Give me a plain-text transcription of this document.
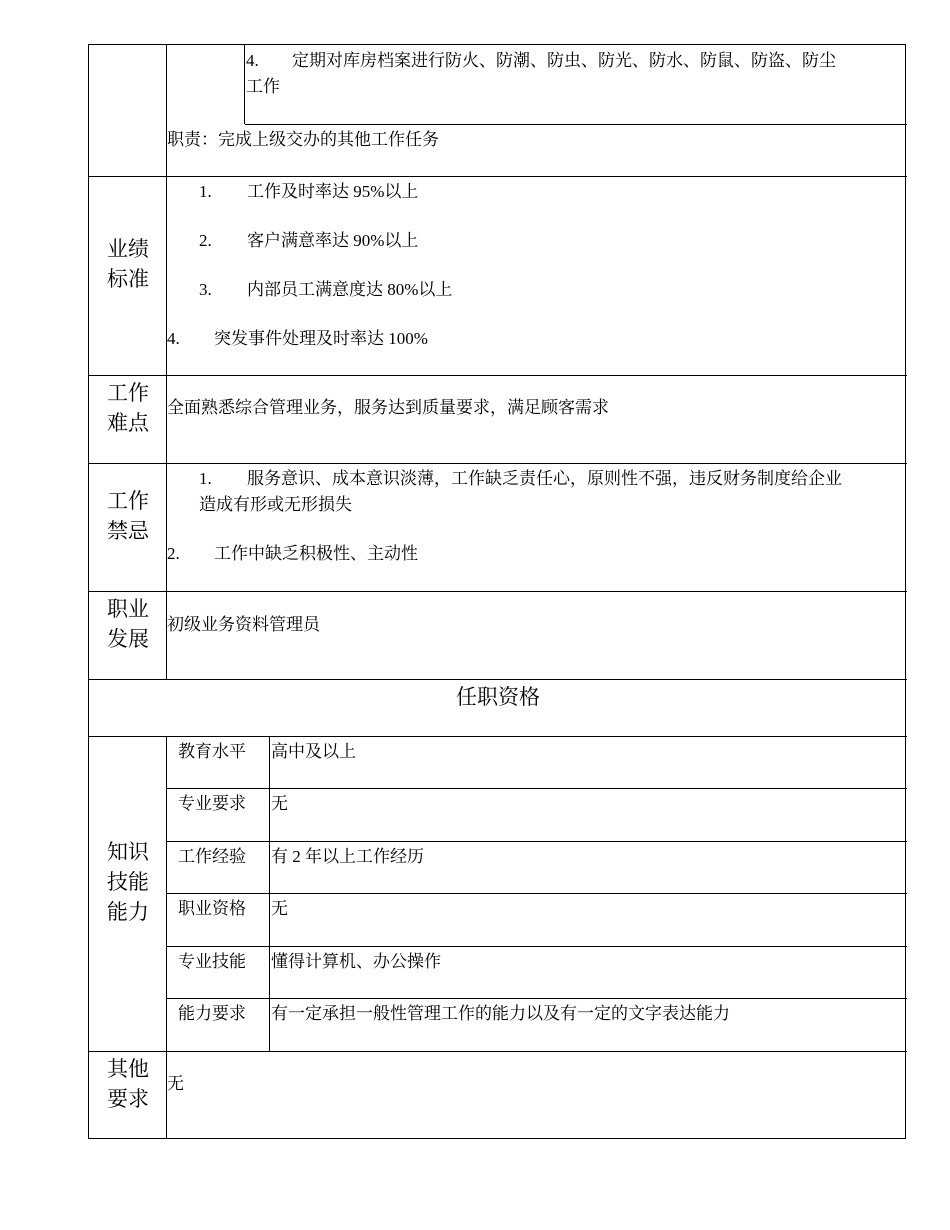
4. 定期对库房档案进行防火、防潮、防虫、防光、防水、防鼠、防盗、防尘
工作
职责：完成上级交办的其他工作任务
业绩
标准
1. 工作及时率达 95%以上
2. 客户满意率达 90%以上
3. 内部员工满意度达 80%以上
4. 突发事件处理及时率达 100%
工作
难点
全面熟悉综合管理业务，服务达到质量要求，满足顾客需求
工作
禁忌
1. 服务意识、成本意识淡薄，工作缺乏责任心，原则性不强，违反财务制度给企业
造成有形或无形损失
2. 工作中缺乏积极性、主动性
职业
发展
初级业务资料管理员
任职资格
知识
技能
能力
教育水平 高中及以上
专业要求 无
工作经验 有 2 年以上工作经历
职业资格 无
专业技能 懂得计算机、办公操作
能力要求 有一定承担一般性管理工作的能力以及有一定的文字表达能力
其他
要求
无
